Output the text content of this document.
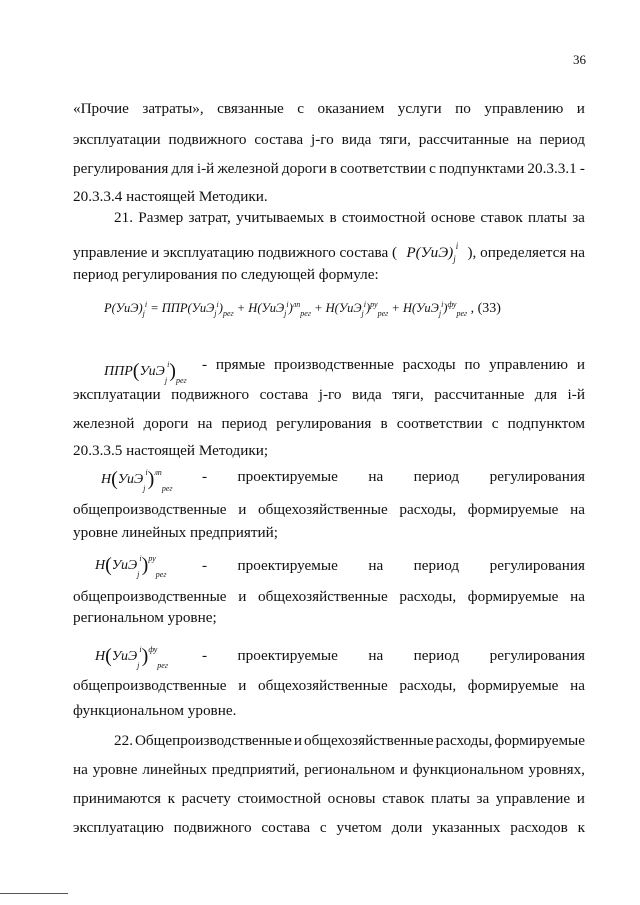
36
«Прочие затраты», связанные с оказанием услуги по управлению и
эксплуатации подвижного состава j-го вида тяги, рассчитанные на период
регулирования для i-й железной дороги в соответствии с подпунктами 20.3.3.1 -
20.3.3.4 настоящей Методики.
21. Размер затрат, учитываемых в стоимостной основе ставок платы за
управление и эксплуатацию подвижного состава ( $P(УиЭ)_j^i$ ), определяется на
период регулирования по следующей формуле:
$P(УиЭ)_j^i = ППР(УиЭ_j^i)_{рег} + H(УиЭ_j^i)^{лп}_{рег} + H(УиЭ_j^i)^{ру}_{рег} + H(УиЭ_j^i)^{фу}_{рег}$ , (33)
$ППР(УиЭ_j^i)_{рег}$
- прямые производственные расходы по управлению и
эксплуатации подвижного состава j-го вида тяги, рассчитанные для i-й
железной дороги на период регулирования в соответствии с подпунктом
20.3.3.5 настоящей Методики;
$H(УиЭ_j^i)^{лп}_{рег}$
- проектируемые на период регулирования
общепроизводственные и общехозяйственные расходы, формируемые на
уровне линейных предприятий;
$H(УиЭ_j^i)^{ру}_{рег}$
- проектируемые на период регулирования
общепроизводственные и общехозяйственные расходы, формируемые на
региональном уровне;
$H(УиЭ_j^i)^{фу}_{рег}$
- проектируемые на период регулирования
общепроизводственные и общехозяйственные расходы, формируемые на
функциональном уровне.
22. Общепроизводственные и общехозяйственные расходы, формируемые
на уровне линейных предприятий, региональном и функциональном уровнях,
принимаются к расчету стоимостной основы ставок платы за управление и
эксплуатацию подвижного состава с учетом доли указанных расходов к
